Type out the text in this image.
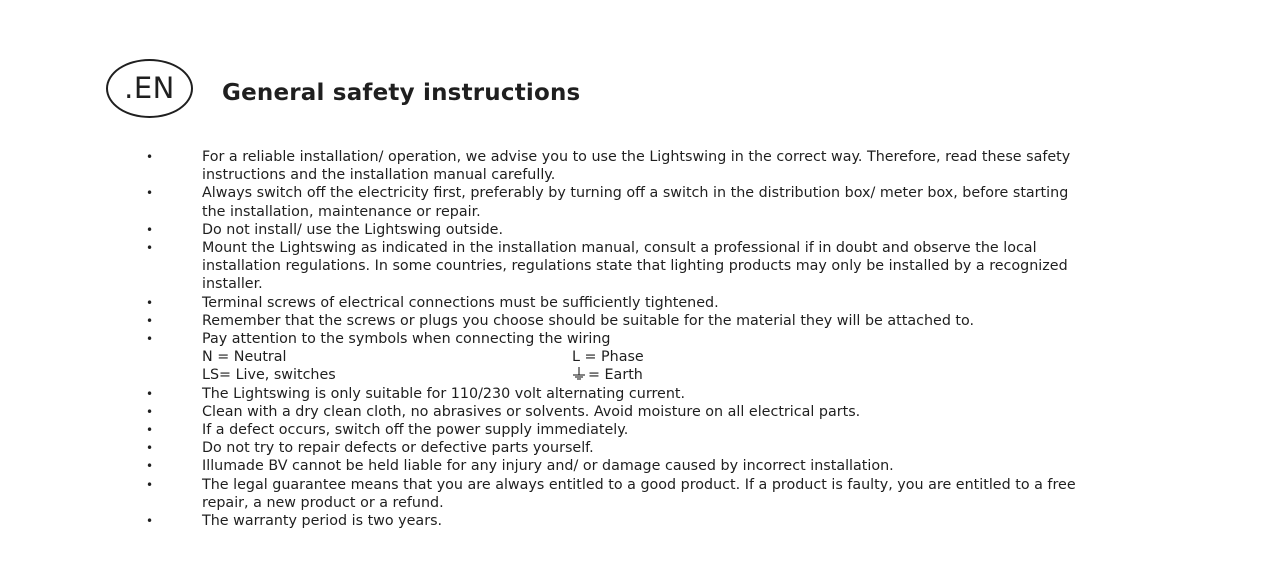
.EN General safety instructions
•	For a reliable installation/ operation, we advise you to use the Lightswing in the correct way. Therefore, read these safety
instructions and the installation manual carefully.
•	Always switch off the electricity first, preferably by turning off a switch in the distribution box/ meter box, before starting
the installation, maintenance or repair.
•	Do not install/ use the Lightswing outside.
•	Mount the Lightswing as indicated in the installation manual, consult a professional if in doubt and observe the local
installation regulations. In some countries, regulations state that lighting products may only be installed by a recognized
installer.
•	Terminal screws of electrical connections must be sufficiently tightened.
•	Remember that the screws or plugs you choose should be suitable for the material they will be attached to.
•	Pay attention to the symbols when connecting the wiring
N = Neutral	L = Phase
LS= Live, switches	= Earth
•	The Lightswing is only suitable for 110/230 volt alternating current.
•	Clean with a dry clean cloth, no abrasives or solvents. Avoid moisture on all electrical parts.
•	If a defect occurs, switch off the power supply immediately.
•	Do not try to repair defects or defective parts yourself.
•	Illumade BV cannot be held liable for any injury and/ or damage caused by incorrect installation.
•	The legal guarantee means that you are always entitled to a good product. If a product is faulty, you are entitled to a free
repair, a new product or a refund.
•	The warranty period is two years.
